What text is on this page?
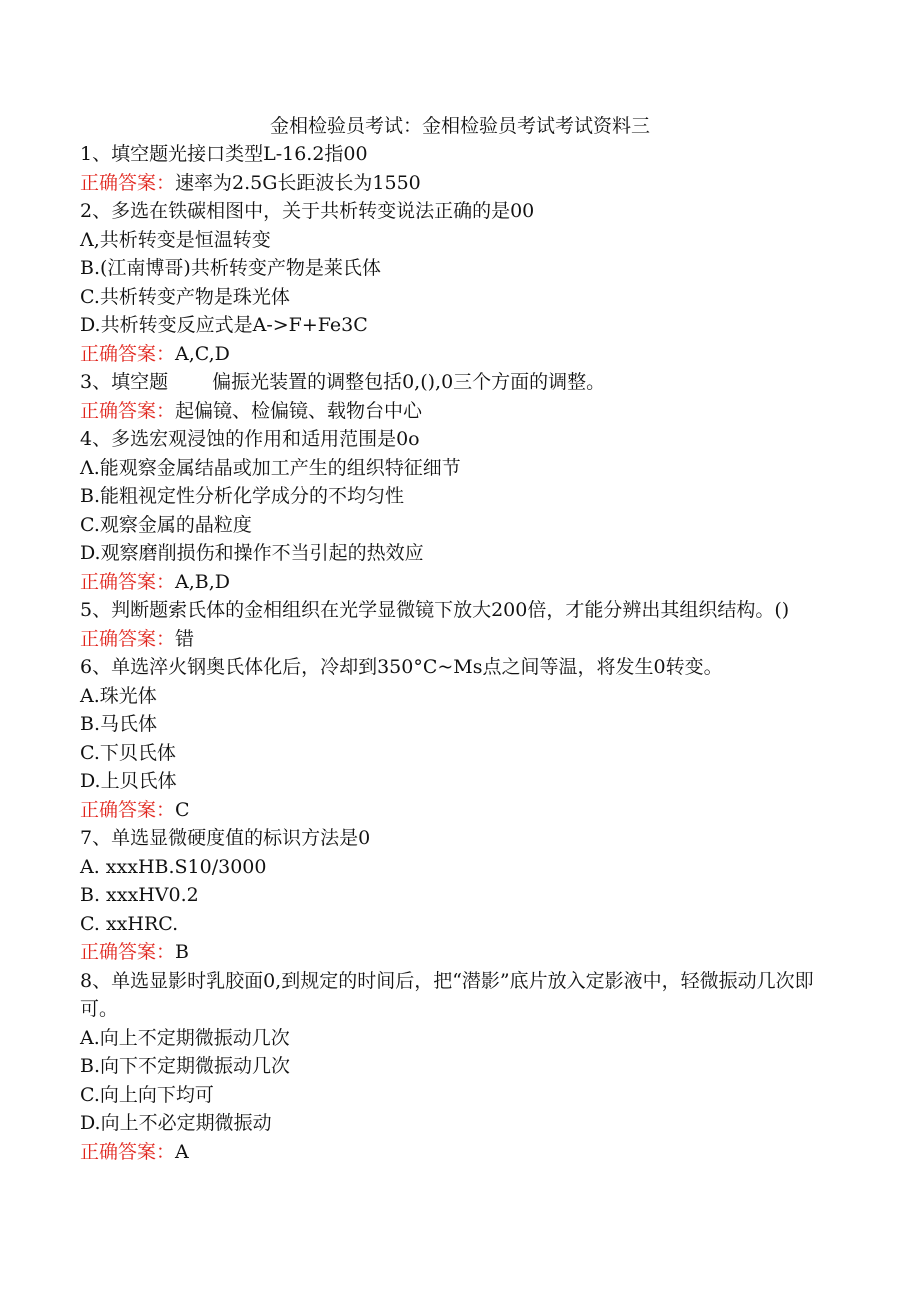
金相检验员考试：金相检验员考试考试资料三
1、填空题光接口类型L-16.2指00
正确答案：速率为2.5G长距波长为1550
2、多选在铁碳相图中，关于共析转变说法正确的是00
Λ,共析转变是恒温转变
B.(江南博哥)共析转变产物是莱氏体
C.共析转变产物是珠光体
D.共析转变反应式是A->F+Fe3C
正确答案：A,C,D
3、填空题 偏振光装置的调整包括0,(),0三个方面的调整。
正确答案：起偏镜、检偏镜、载物台中心
4、多选宏观浸蚀的作用和适用范围是0o
Λ.能观察金属结晶或加工产生的组织特征细节
B.能粗视定性分析化学成分的不均匀性
C.观察金属的晶粒度
D.观察磨削损伤和操作不当引起的热效应
正确答案：A,B,D
5、判断题索氏体的金相组织在光学显微镜下放大200倍，才能分辨出其组织结构。()
正确答案：错
6、单选淬火钢奥氏体化后，冷却到350°C~Ms点之间等温，将发生0转变。
A.珠光体
B.马氏体
C.下贝氏体
D.上贝氏体
正确答案：C
7、单选显微硬度值的标识方法是0
A. xxxHB.S10/3000
B. xxxHV0.2
C. xxHRC.
正确答案：B
8、单选显影时乳胶面0,到规定的时间后，把“潜影”底片放入定影液中，轻微振动几次即可。
A.向上不定期微振动几次
B.向下不定期微振动几次
C.向上向下均可
D.向上不必定期微振动
正确答案：A
